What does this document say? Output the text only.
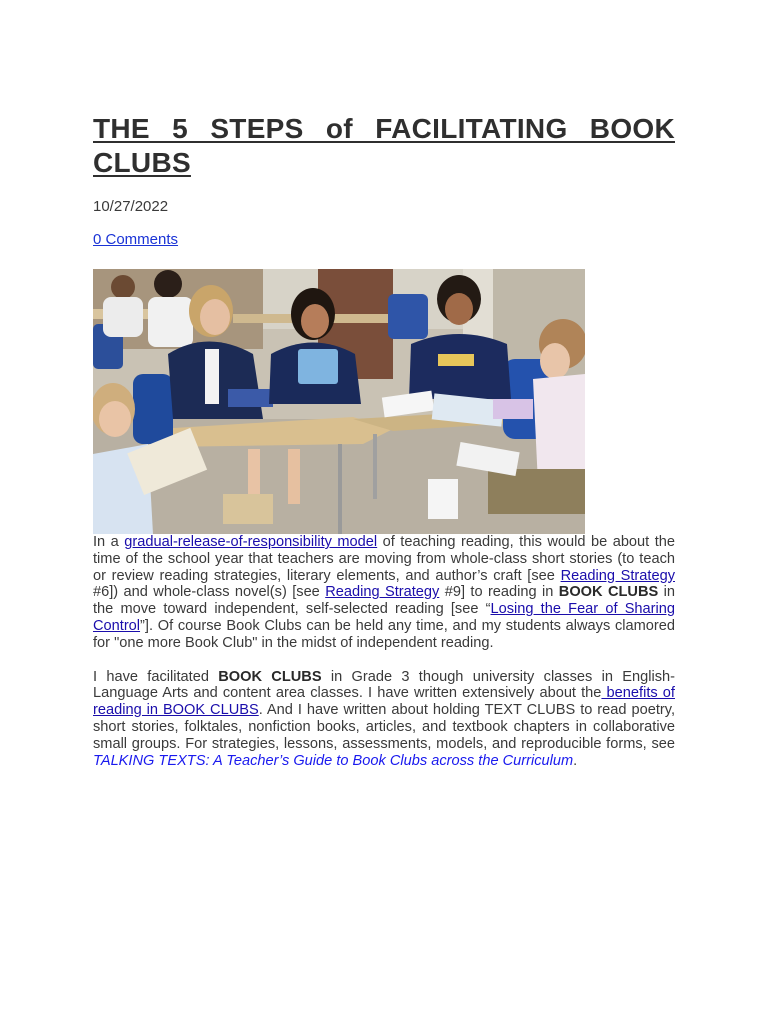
THE 5 STEPS of FACILITATING BOOK CLUBS
10/27/2022
0 Comments

In a gradual-release-of-responsibility model of teaching reading, this would be about the time of the school year that teachers are moving from whole-class short stories (to teach or review reading strategies, literary elements, and author’s craft [see Reading Strategy #6]) and whole-class novel(s) [see Reading Strategy #9] to reading in BOOK CLUBS in the move toward independent, self-selected reading [see “Losing the Fear of Sharing Control”]. Of course Book Clubs can be held any time, and my students always clamored for "one more Book Club" in the midst of independent reading.

I have facilitated BOOK CLUBS in Grade 3 though university classes in English-Language Arts and content area classes. I have written extensively about the benefits of reading in BOOK CLUBS. And I have written about holding TEXT CLUBS to read poetry, short stories, folktales, nonfiction books, articles, and textbook chapters in collaborative small groups. For strategies, lessons, assessments, models, and reproducible forms, see TALKING TEXTS: A Teacher’s Guide to Book Clubs across the Curriculum.
